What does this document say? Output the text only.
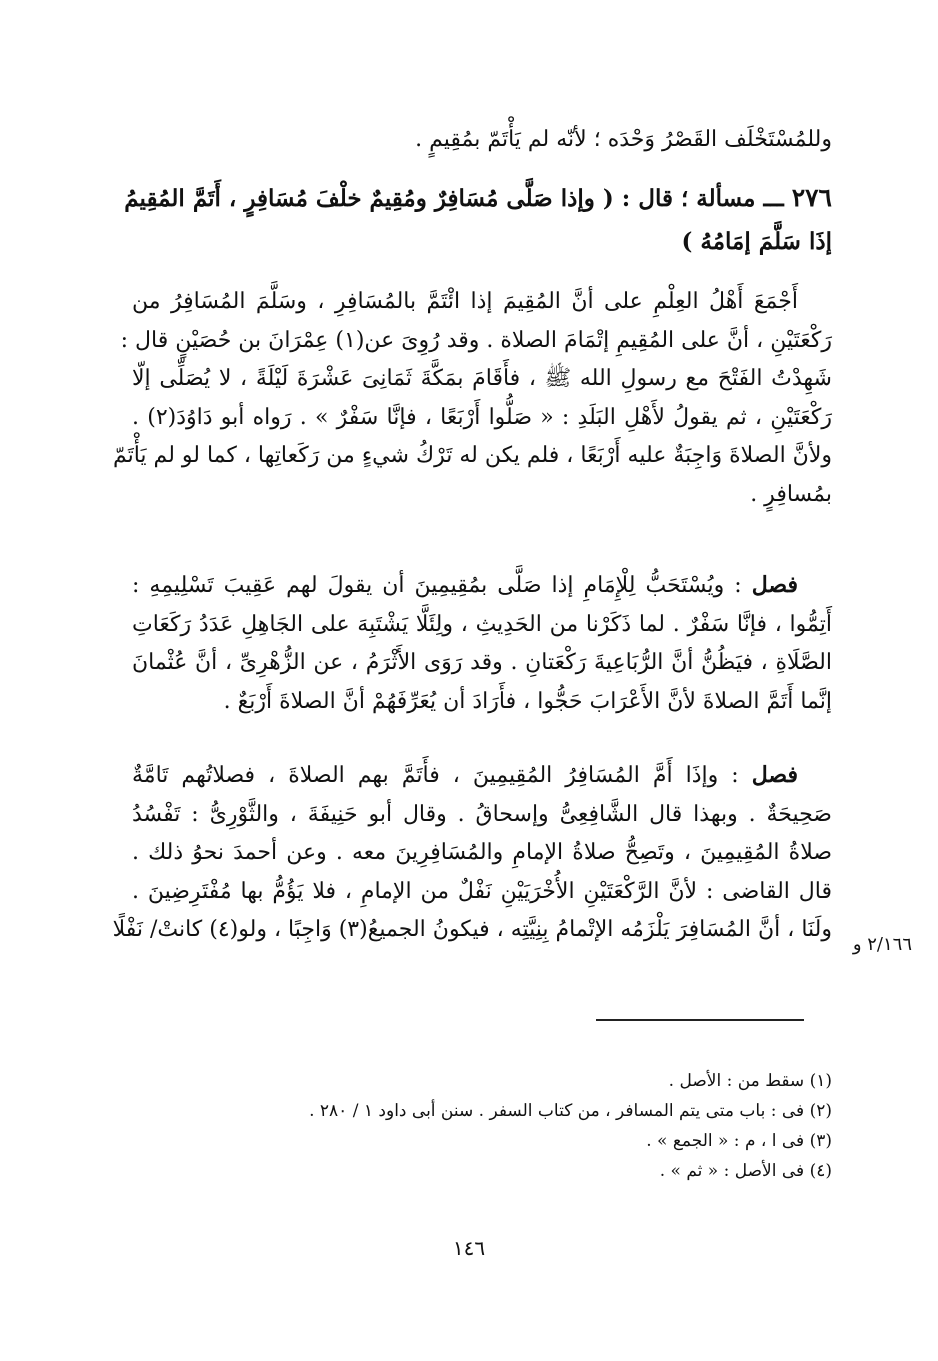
وللمُسْتَخْلَف القَصْرُ وَحْدَه ؛ لأنّه لم يَأْتَمّ بمُقِيمٍ .
٢٧٦ ـــ مسألة ؛ قال : ( وإذا صَلَّى مُسَافِرٌ ومُقِيمٌ خلْفَ مُسَافِرٍ ، أَتَمَّ المُقِيمُ
إذَا سَلَّمَ إمَامُهُ )
أَجْمَعَ أَهْلُ العِلْمِ على أنَّ المُقِيمَ إذا ائْتَمَّ بالمُسَافِرِ ، وسَلَّمَ المُسَافِرُ من
رَكْعَتَيْنِ ، أنَّ على المُقِيمِ إتْمَامَ الصلاة . وقد رُوِىَ عن(١) عِمْرَانَ بن حُصَيْنٍ قال :
شَهِدْتُ الفَتْحَ مع رسولِ الله ﷺ ، فأَقَامَ بمَكَّةَ ثَمَانِىَ عَشْرَةَ لَيْلَةً ، لا يُصَلِّى إلّا
رَكْعَتَيْنِ ، ثم يقولُ لأَهْلِ البَلَدِ : « صَلُّوا أَرْبَعًا ، فإنَّا سَفْرٌ » . رَواه أبو دَاوُدَ(٢) .
ولأنَّ الصلاةَ وَاجِبَةٌ عليه أَرْبَعًا ، فلم يكن له تَرْكُ شيءٍ من رَكَعاتِها ، كما لو لم يَأْتَمّ
بمُسافِرٍ .
فصل : ويُسْتَحَبُّ لِلْإِمَامِ إذا صَلَّى بمُقِيمِينَ أن يقولَ لهم عَقِيبَ تَسْلِيمِهِ :
أَتِمُّوا ، فإنَّا سَفْرٌ . لما ذَكَرْنا من الحَدِيثِ ، ولِئَلَّا يَشْتَبِهَ على الجَاهِلِ عَدَدُ رَكَعَاتِ
الصَّلَاةِ ، فيَظُنُّ أنَّ الرُّبَاعِيةَ رَكْعَتانِ . وقد رَوَى الأَثْرَمُ ، عن الزُّهْرِىِّ ، أنَّ عُثْمانَ
إنَّما أَتَمَّ الصلاةَ لأنَّ الأَعْرَابَ حَجُّوا ، فأَرَادَ أن يُعَرِّفَهُمْ أنَّ الصلاةَ أَرْبَعٌ .
فصل : وإذَا أَمَّ المُسَافِرُ المُقِيمِينَ ، فأَتَمَّ بهم الصلاةَ ، فصلاتُهم تَامَّةٌ
صَحِيحَةٌ . وبهذا قال الشَّافِعِىُّ وإسحاقُ . وقال أبو حَنِيفَةَ ، والثَّوْرِىُّ : تَفْسُدُ
صلاةُ المُقِيمِينَ ، وتَصِحُّ صلاةُ الإمامِ والمُسَافِرِينَ معه . وعن أحمدَ نحوُ ذلك .
قال القاضى : لأنَّ الرَّكْعَتَيْنِ الأُخْرَيَيْنِ نَفْلٌ من الإمامِ ، فلا يَؤُمُّ بها مُفْتَرِضِينَ .
ولَنَا ، أنَّ المُسَافِرَ يَلْزَمُه الإتْمامُ بِنِيَّتِه ، فيكونُ الجميعُ(٣) وَاجِبًا ، ولو(٤) كانتْ/ نَفْلًا
٢/١٦٦ و
(١) سقط من : الأصل .
(٢) فى : باب متى يتم المسافر ، من كتاب السفر . سنن أبى داود ١ / ٢٨٠ .
(٣) فى ا ، م : « الجمع » .
(٤) فى الأصل : « ثم » .
١٤٦
